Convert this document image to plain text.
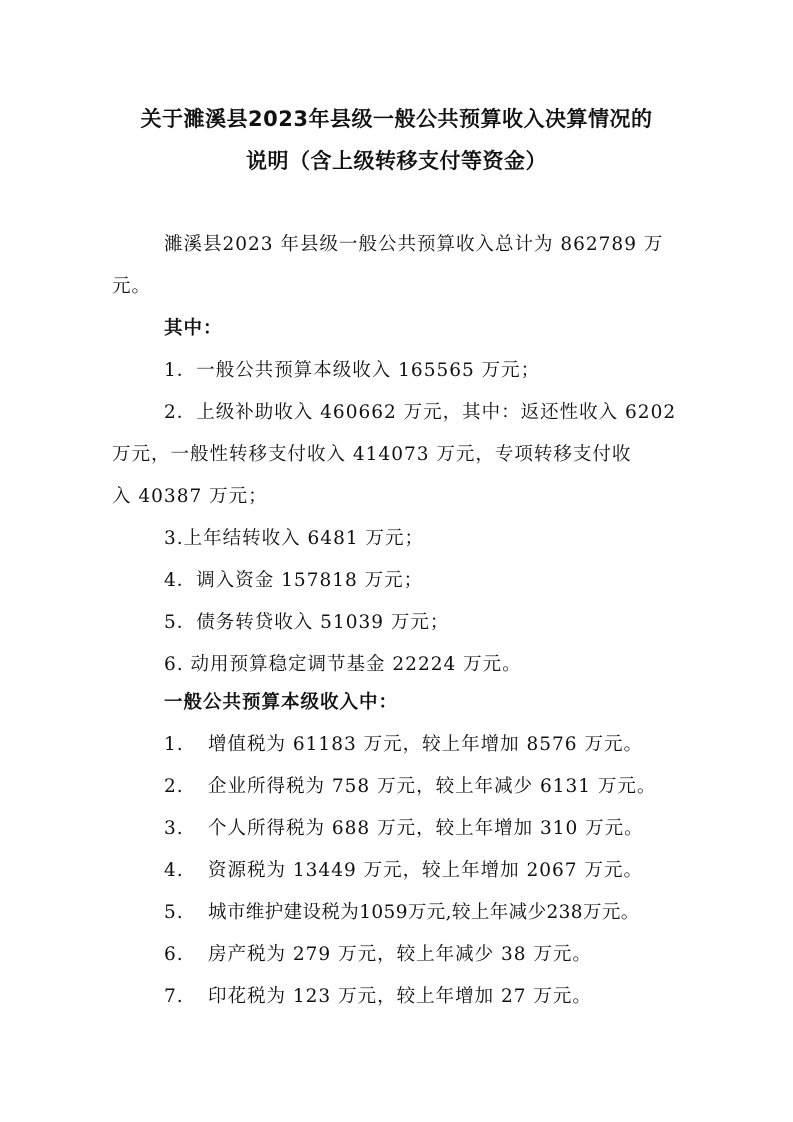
关于濉溪县2023年县级一般公共预算收入决算情况的
说明（含上级转移支付等资金）
濉溪县2023 年县级一般公共预算收入总计为 862789 万
元。
其中：
1．一般公共预算本级收入 165565 万元；
2．上级补助收入 460662 万元，其中：返还性收入 6202
万元，一般性转移支付收入 414073 万元，专项转移支付收
入 40387 万元；
3.上年结转收入 6481 万元；
4．调入资金 157818 万元；
5．债务转贷收入 51039 万元；
6. 动用预算稳定调节基金 22224 万元。
一般公共预算本级收入中：
1. 增值税为 61183 万元，较上年增加 8576 万元。
2. 企业所得税为 758 万元，较上年减少 6131 万元。
3. 个人所得税为 688 万元，较上年增加 310 万元。
4. 资源税为 13449 万元，较上年增加 2067 万元。
5. 城市维护建设税为1059万元,较上年减少238万元。
6. 房产税为 279 万元，较上年减少 38 万元。
7. 印花税为 123 万元，较上年增加 27 万元。
